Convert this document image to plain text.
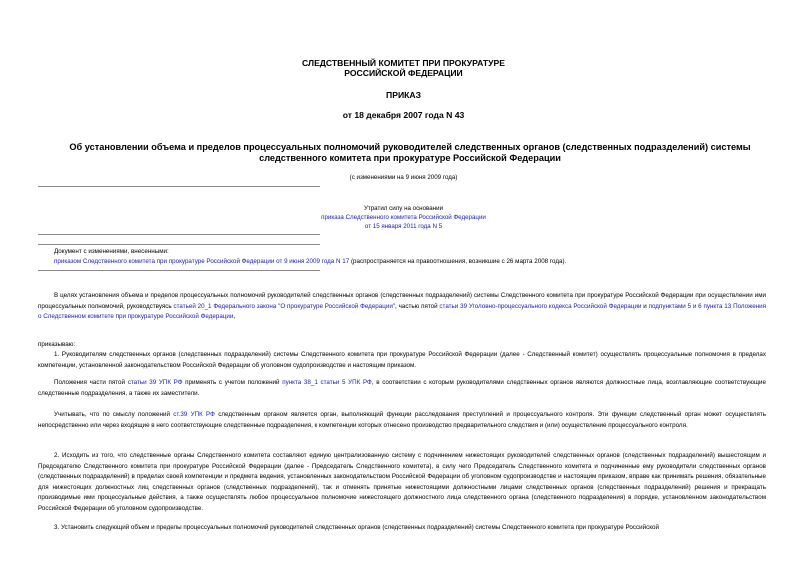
СЛЕДСТВЕННЫЙ КОМИТЕТ ПРИ ПРОКУРАТУРЕ
РОССИЙСКОЙ ФЕДЕРАЦИИ
ПРИКАЗ
от 18 декабря 2007 года N 43
Об установлении объема и пределов процессуальных полномочий руководителей следственных органов (следственных подразделений) системы следственного комитета при прокуратуре Российской Федерации
(с изменениями на 9 июня 2009 года)
Утратил силу на основании
приказа Следственного комитета Российской Федерации
от 15 января 2011 года N 5
Документ с изменениями, внесенными:
приказом Следственного комитета при прокуратуре Российской Федерации от 9 июня 2009 года N 17 (распространяется на правоотношения, возникшие с 26 марта 2008 года).
В целях установления объема и пределов процессуальных полномочий руководителей следственных органов (следственных подразделений) системы Следственного комитета при прокуратуре Российской Федерации при осуществлении ими процессуальных полномочий, руководствуясь статьей 20_1 Федерального закона "О прокуратуре Российской Федерации", частью пятой статьи 39 Уголовно-процессуального кодекса Российской Федерации и подпунктами 5 и 6 пункта 13 Положения о Следственном комитете при прокуратуре Российской Федерации,
приказываю:
1. Руководителям следственных органов (следственных подразделений) системы Следственного комитета при прокуратуре Российской Федерации (далее - Следственный комитет) осуществлять процессуальные полномочия в пределах компетенции, установленной законодательством Российской Федерации об уголовном судопроизводстве и настоящим приказом.
Положения части пятой статьи 39 УПК РФ применять с учетом положений пункта 38_1 статьи 5 УПК РФ, в соответствии с которым руководителями следственных органов являются должностные лица, возглавляющие соответствующие следственные подразделения, а также их заместители.
Учитывать, что по смыслу положений ст.39 УПК РФ следственным органом является орган, выполняющий функции расследования преступлений и процессуального контроля. Эти функции следственный орган может осуществлять непосредственно или через входящие в него соответствующие следственные подразделения, к компетенции которых отнесено производство предварительного следствия и (или) осуществление процессуального контроля.
2. Исходить из того, что следственные органы Следственного комитета составляют единую централизованную систему с подчинением нижестоящих руководителей следственных органов (следственных подразделений) вышестоящим и Председателю Следственного комитета при прокуратуре Российской Федерации (далее - Председатель Следственного комитета), в силу чего Председатель Следственного комитета и подчиненные ему руководители следственных органов (следственных подразделений) в пределах своей компетенции и предмета ведения, установленных законодательством Российской Федерации об уголовном судопроизводстве и настоящим приказом, вправе как принимать решения, обязательные для нижестоящих должностных лиц следственных органов (следственных подразделений), так и отменять принятые нижестоящими должностными лицами следственных органов (следственных подразделений) решения и прекращать производимые ими процессуальные действия, а также осуществлять любое процессуальное полномочие нижестоящего должностного лица следственного органа (следственного подразделения) в порядке, установленном законодательством Российской Федерации об уголовном судопроизводстве.
3. Установить следующий объем и пределы процессуальных полномочий руководителей следственных органов (следственных подразделений) системы Следственного комитета при прокуратуре Российской
